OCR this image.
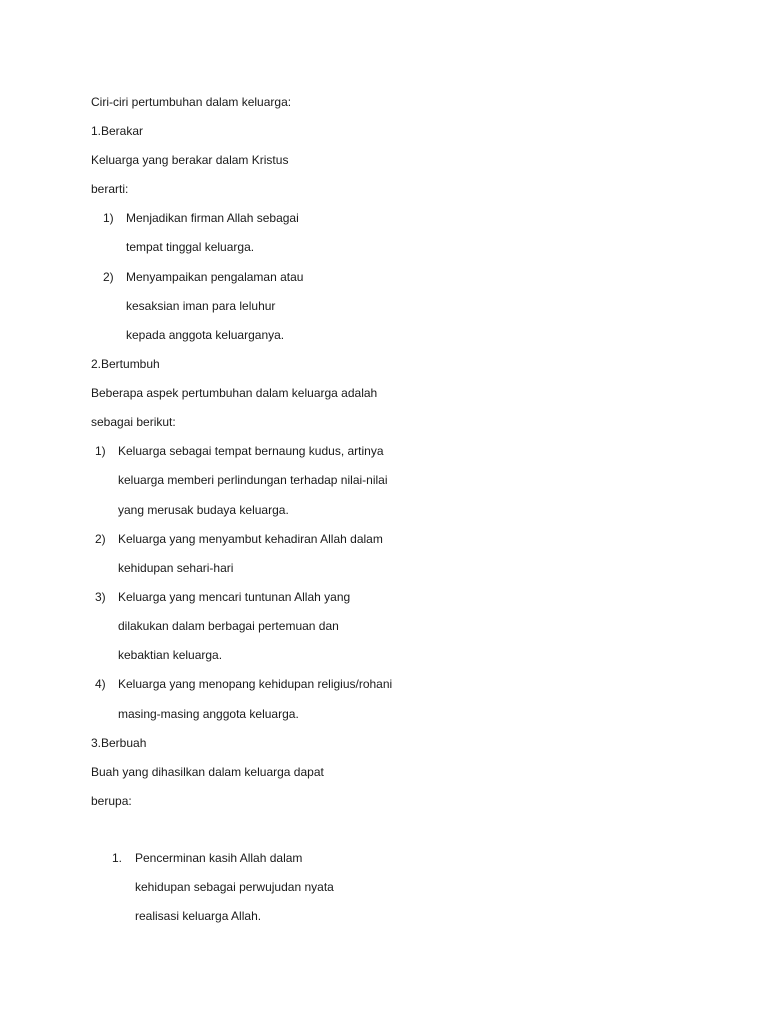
Ciri-ciri pertumbuhan dalam keluarga:
1.Berakar
Keluarga yang berakar dalam Kristus
berarti:
1) Menjadikan firman Allah sebagai
tempat tinggal keluarga.
2) Menyampaikan pengalaman atau
kesaksian iman para leluhur
kepada anggota keluarganya.
2.Bertumbuh
Beberapa aspek pertumbuhan dalam keluarga adalah
sebagai berikut:
1) Keluarga sebagai tempat bernaung kudus, artinya
keluarga memberi perlindungan terhadap nilai-nilai
yang merusak budaya keluarga.
2) Keluarga yang menyambut kehadiran Allah dalam
kehidupan sehari-hari
3) Keluarga yang mencari tuntunan Allah yang
dilakukan dalam berbagai pertemuan dan
kebaktian keluarga.
4) Keluarga yang menopang kehidupan religius/rohani
masing-masing anggota keluarga.
3.Berbuah
Buah yang dihasilkan dalam keluarga dapat
berupa:
1. Pencerminan kasih Allah dalam
kehidupan sebagai perwujudan nyata
realisasi keluarga Allah.
